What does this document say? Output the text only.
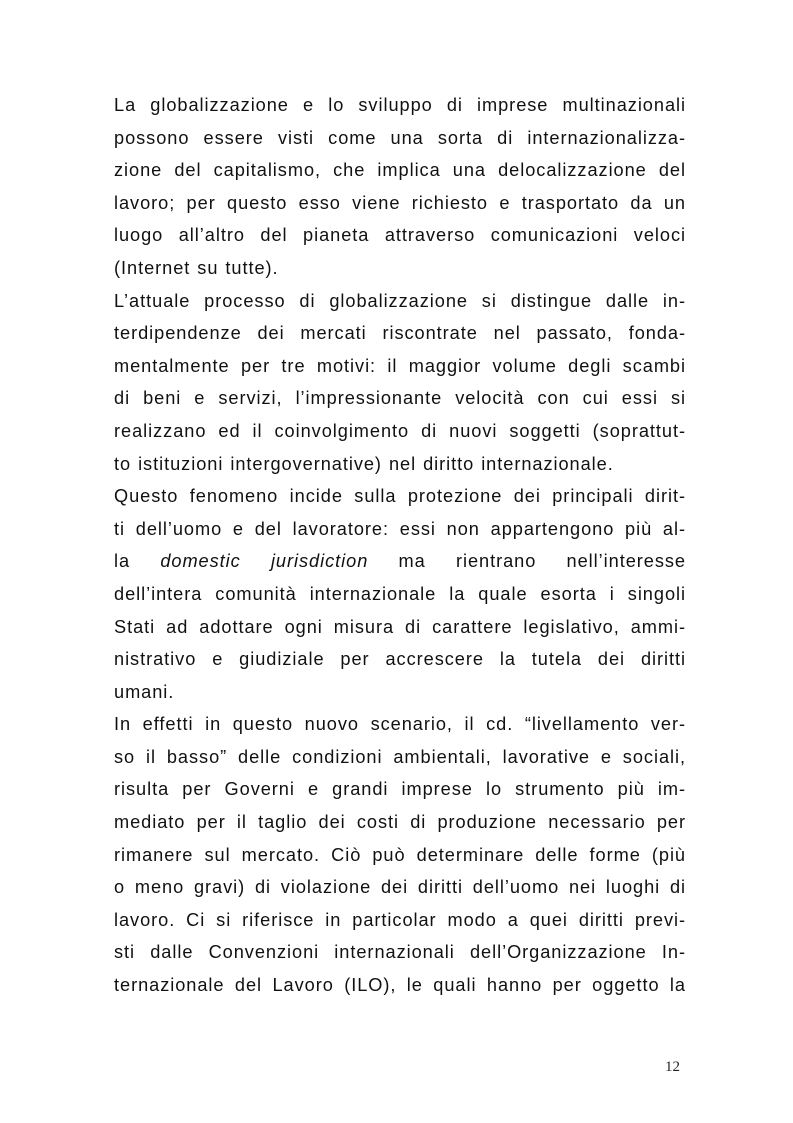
La globalizzazione e lo sviluppo di imprese multinazionali
possono essere visti come una sorta di internazionalizza-
zione del capitalismo, che implica una delocalizzazione del
lavoro; per questo esso viene richiesto e trasportato da un
luogo all’altro del pianeta attraverso comunicazioni veloci
(Internet su tutte).
L’attuale processo di globalizzazione si distingue dalle in-
terdipendenze dei mercati riscontrate nel passato, fonda-
mentalmente per tre motivi: il maggior volume degli scambi
di beni e servizi, l’impressionante velocità con cui essi si
realizzano ed il coinvolgimento di nuovi soggetti (soprattut-
to istituzioni intergovernative) nel diritto internazionale.
Questo fenomeno incide sulla protezione dei principali dirit-
ti dell’uomo e del lavoratore: essi non appartengono più al-
la domestic jurisdiction ma rientrano nell’interesse
dell’intera comunità internazionale la quale esorta i singoli
Stati ad adottare ogni misura di carattere legislativo, ammi-
nistrativo e giudiziale per accrescere la tutela dei diritti
umani.
In effetti in questo nuovo scenario, il cd. “livellamento ver-
so il basso” delle condizioni ambientali, lavorative e sociali,
risulta per Governi e grandi imprese lo strumento più im-
mediato per il taglio dei costi di produzione necessario per
rimanere sul mercato. Ciò può determinare delle forme (più
o meno gravi) di violazione dei diritti dell’uomo nei luoghi di
lavoro. Ci si riferisce in particolar modo a quei diritti previ-
sti dalle Convenzioni internazionali dell’Organizzazione In-
ternazionale del Lavoro (ILO), le quali hanno per oggetto la
12
